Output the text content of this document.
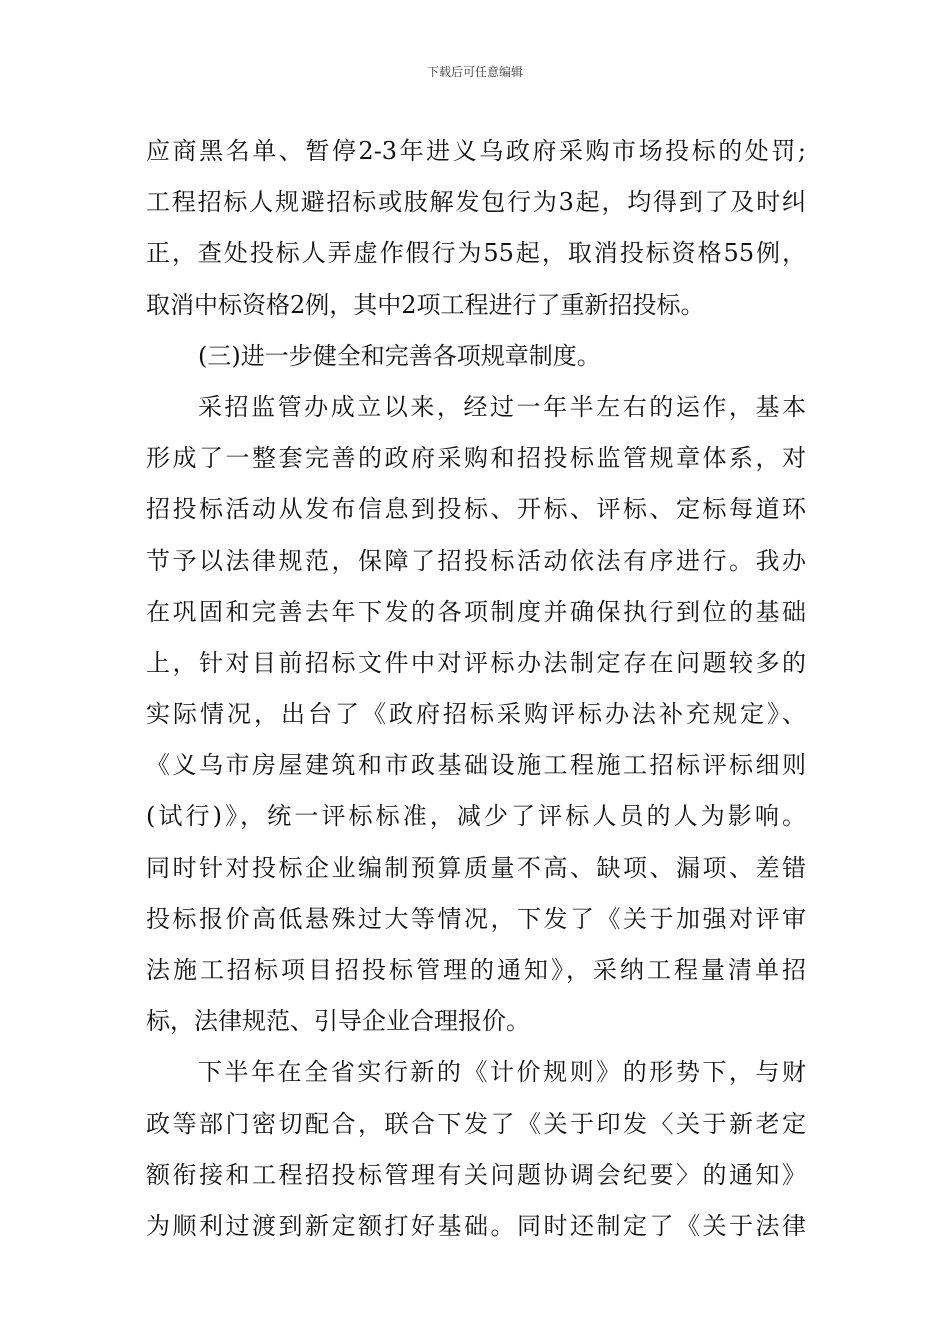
下载后可任意编辑
应商黑名单、暂停2-3年进义乌政府采购市场投标的处罚;
工程招标人规避招标或肢解发包行为3起，均得到了及时纠
正，查处投标人弄虚作假行为55起，取消投标资格55例，
取消中标资格2例，其中2项工程进行了重新招投标。
(三)进一步健全和完善各项规章制度。
采招监管办成立以来，经过一年半左右的运作，基本
形成了一整套完善的政府采购和招投标监管规章体系，对
招投标活动从发布信息到投标、开标、评标、定标每道环
节予以法律规范，保障了招投标活动依法有序进行。我办
在巩固和完善去年下发的各项制度并确保执行到位的基础
上，针对目前招标文件中对评标办法制定存在问题较多的
实际情况，出台了《政府招标采购评标办法补充规定》、
《义乌市房屋建筑和市政基础设施工程施工招标评标细则
(试行)》，统一评标标准，减少了评标人员的人为影响。
同时针对投标企业编制预算质量不高、缺项、漏项、差错
投标报价高低悬殊过大等情况，下发了《关于加强对评审
法施工招标项目招投标管理的通知》，采纳工程量清单招
标，法律规范、引导企业合理报价。
下半年在全省实行新的《计价规则》的形势下，与财
政等部门密切配合，联合下发了《关于印发〈关于新老定
额衔接和工程招投标管理有关问题协调会纪要〉的通知》
为顺利过渡到新定额打好基础。同时还制定了《关于法律
